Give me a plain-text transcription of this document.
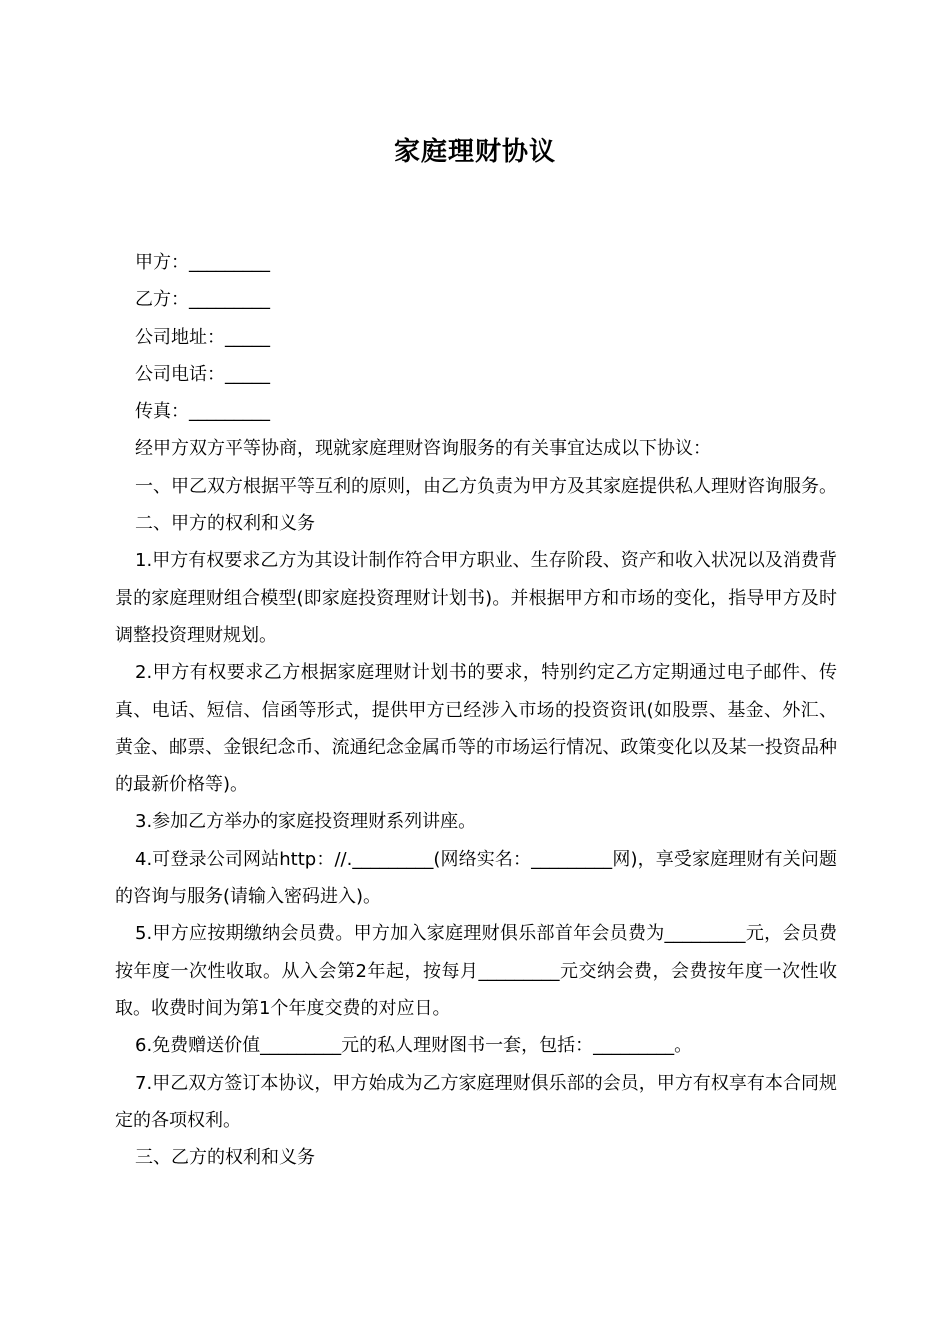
家庭理财协议

甲方：_________

乙方：_________

公司地址：_____

公司电话：_____

传真：_________

经甲方双方平等协商，现就家庭理财咨询服务的有关事宜达成以下协议：

一、甲乙双方根据平等互利的原则，由乙方负责为甲方及其家庭提供私人理财咨询服务。

二、甲方的权利和义务

1.甲方有权要求乙方为其设计制作符合甲方职业、生存阶段、资产和收入状况以及消费背景的家庭理财组合模型(即家庭投资理财计划书)。并根据甲方和市场的变化，指导甲方及时调整投资理财规划。

2.甲方有权要求乙方根据家庭理财计划书的要求，特别约定乙方定期通过电子邮件、传真、电话、短信、信函等形式，提供甲方已经涉入市场的投资资讯(如股票、基金、外汇、黄金、邮票、金银纪念币、流通纪念金属币等的市场运行情况、政策变化以及某一投资品种的最新价格等)。

3.参加乙方举办的家庭投资理财系列讲座。

4.可登录公司网站http：//._________(网络实名：_________网)，享受家庭理财有关问题的咨询与服务(请输入密码进入)。

5.甲方应按期缴纳会员费。甲方加入家庭理财俱乐部首年会员费为_________元，会员费按年度一次性收取。从入会第2年起，按每月_________元交纳会费，会费按年度一次性收取。收费时间为第1个年度交费的对应日。

6.免费赠送价值_________元的私人理财图书一套，包括：_________。

7.甲乙双方签订本协议，甲方始成为乙方家庭理财俱乐部的会员，甲方有权享有本合同规定的各项权利。

三、乙方的权利和义务
